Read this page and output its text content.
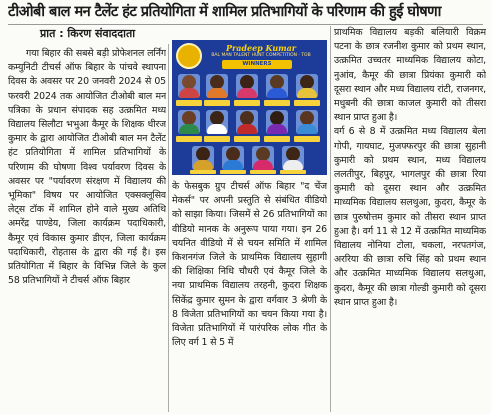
टीओबी बाल मन टैलेंट हंट प्रतियोगिता में शामिल प्रतिभागियों के परिणाम की हुई घोषणा
प्रात : किरण संवाददाता

गया बिहार की सबसे बड़ी प्रोफेशनल लर्निंग कम्युनिटी टीचर्स ऑफ बिहार के पांचवे स्थापना दिवस के अवसर पर 20 जनवरी 2024 से 05 फरवरी 2024 तक आयोजित टीओबी बाल मन पत्रिका के प्रधान संपादक सह उत्क्रमित मध्य विद्यालय सिलौटा भभुआ कैमूर के शिक्षक धीरज कुमार के द्वारा आयोजित टीओबी बाल मन टैलेंट हंट प्रतियोगिता में शामिल प्रतिभागियों के परिणाम की घोषणा विश्व पर्यावरण दिवस के अवसर पर "पर्यावरण संरक्षण में विद्यालय की भूमिका" विषय पर आयोजित एक्सक्लूसिव लेट्स टॉक में शामिल होने वाले मुख्य अतिथि अमरेंद्र पाण्डेय, जिला कार्यक्रम पदाधिकारी, कैमूर एवं विकास कुमार डीएन, जिला कार्यक्रम पदाधिकारी, रोहतास के द्वारा की गई है। इस प्रतियोगिता में बिहार के विभिन्न जिले के कुल 58 प्रतिभागियों ने टीचर्स ऑफ बिहार

Pradeep Kumar
BAL MAN TALENT HUNT COMPETITION · TOB
WINNERS

के फेसबुक ग्रुप टीचर्स ऑफ बिहार "द चेंज मेकर्स" पर अपनी प्रस्तुति से संबंधित वीडियो को साझा किया। जिसमें से 26 प्रतिभागियों का वीडियो मानक के अनुरूप पाया गया। इन 26 चयनित वीडियो में से चयन समिति में शामिल किशनगंज जिले के प्राथमिक विद्यालय सुहागी की शिक्षिका निधि चौधरी एवं कैमूर जिले के नया प्राथमिक विद्यालय तरहनी, कुदरा शिक्षक सिकेंद्र कुमार सुमन के द्वारा वर्गवार 3 श्रेणी के 8 विजेता प्रतिभागियों का चयन किया गया है।विजेता प्रतिभागियों में पारंपरिक लोक गीत के लिए वर्ग 1 से 5 में

प्राथमिक विद्यालय बड़की बलियारी विक्रम पटना के छात्र रजनीश कुमार को प्रथम स्थान, उत्क्रमित उच्चतर माध्यमिक विद्यालय कोटा, नुआंव, कैमूर की छात्रा प्रियंका कुमारी को दूसरा स्थान और मध्य विद्यालय रांटी, राजनगर, मधुबनी की छात्रा काजल कुमारी को तीसरा स्थान प्राप्त हुआ है।

वर्ग 6 से 8 में उत्क्रमित मध्य विद्यालय बेला गोपी, गायघाट, मुजफ्फरपुर की छात्रा सुहानी कुमारी को प्रथम स्थान, मध्य विद्यालय ललतीपुर, बिहपुर, भागलपुर की छात्रा रिया कुमारी को दूसरा स्थान और उत्क्रमित माध्यमिक विद्यालय सलथुआ, कुदरा, कैमूर के छात्र पुरुषोत्तम कुमार को तीसरा स्थान प्राप्त हुआ है। वर्ग 11 से 12 में उत्क्रमित माध्यमिक विद्यालय नोनिया टोला, चकला, नरपतगंज, अररिया की छात्रा रुचि सिंह को प्रथम स्थान और उत्क्रमित माध्यमिक विद्यालय सलथुआ, कुदरा, कैमूर की छात्रा गोल्डी कुमारी को दूसरा स्थान प्राप्त हुआ है।
